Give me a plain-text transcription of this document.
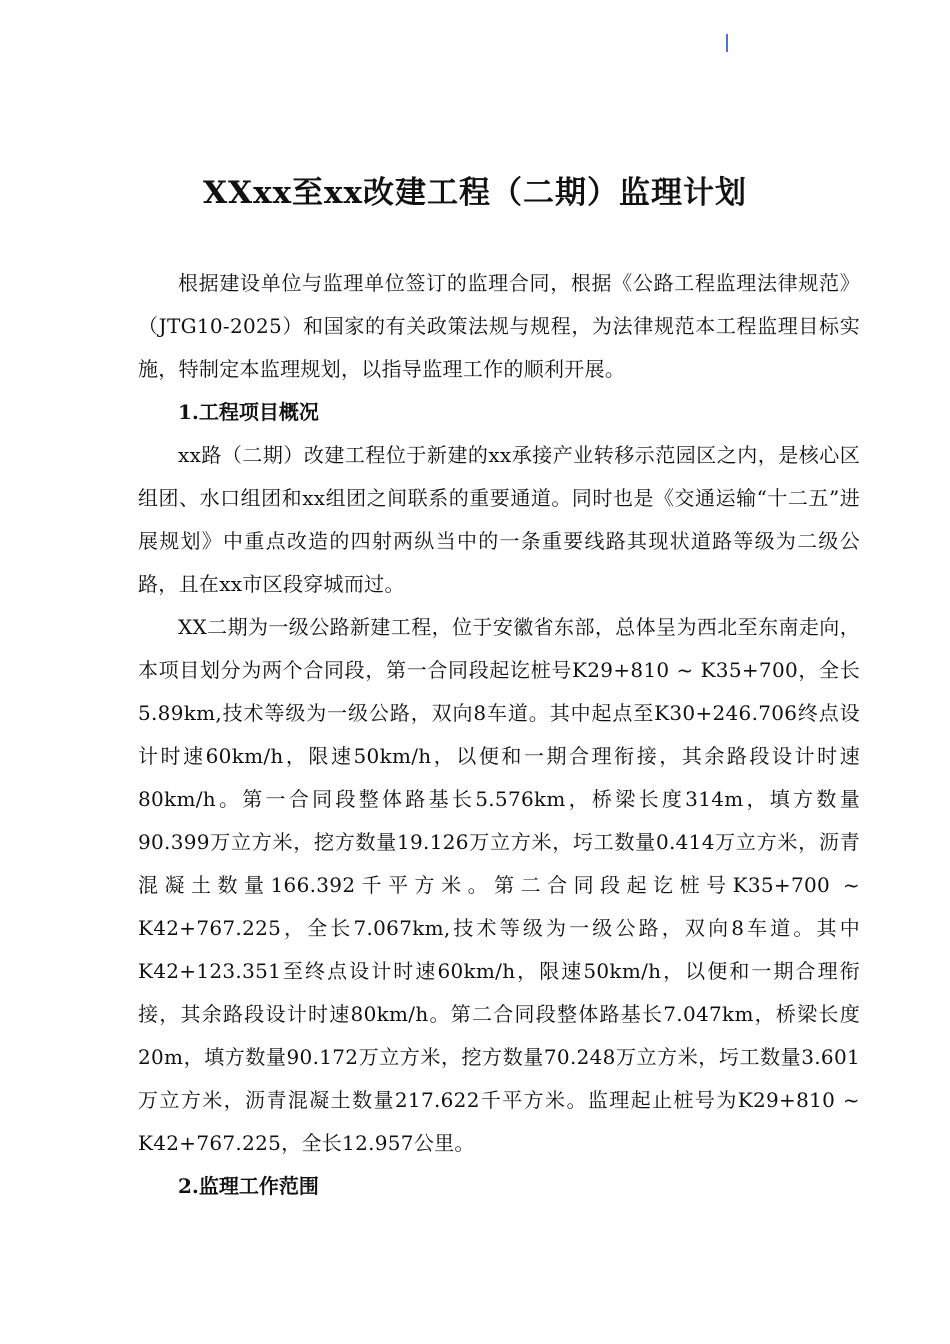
XXxx至xx改建工程（二期）监理计划

根据建设单位与监理单位签订的监理合同，根据《公路工程监理法律规范》（JTG10-2025）和国家的有关政策法规与规程，为法律规范本工程监理目标实施，特制定本监理规划，以指导监理工作的顺利开展。

1.工程项目概况

xx路（二期）改建工程位于新建的xx承接产业转移示范园区之内，是核心区组团、水口组团和xx组团之间联系的重要通道。同时也是《交通运输“十二五”进展规划》中重点改造的四射两纵当中的一条重要线路其现状道路等级为二级公路，且在xx市区段穿城而过。

XX二期为一级公路新建工程，位于安徽省东部，总体呈为西北至东南走向，本项目划分为两个合同段，第一合同段起讫桩号K29+810 ~ K35+700，全长5.89km,技术等级为一级公路，双向8车道。其中起点至K30+246.706终点设计时速60km/h，限速50km/h，以便和一期合理衔接，其余路段设计时速80km/h。第一合同段整体路基长5.576km，桥梁长度314m，填方数量90.399万立方米，挖方数量19.126万立方米，圬工数量0.414万立方米，沥青混凝土数量166.392千平方米。第二合同段起讫桩号K35+700 ~ K42+767.225，全长7.067km,技术等级为一级公路，双向8车道。其中K42+123.351至终点设计时速60km/h，限速50km/h，以便和一期合理衔接，其余路段设计时速80km/h。第二合同段整体路基长7.047km，桥梁长度20m，填方数量90.172万立方米，挖方数量70.248万立方米，圬工数量3.601万立方米，沥青混凝土数量217.622千平方米。监理起止桩号为K29+810 ~ K42+767.225，全长12.957公里。

2.监理工作范围
